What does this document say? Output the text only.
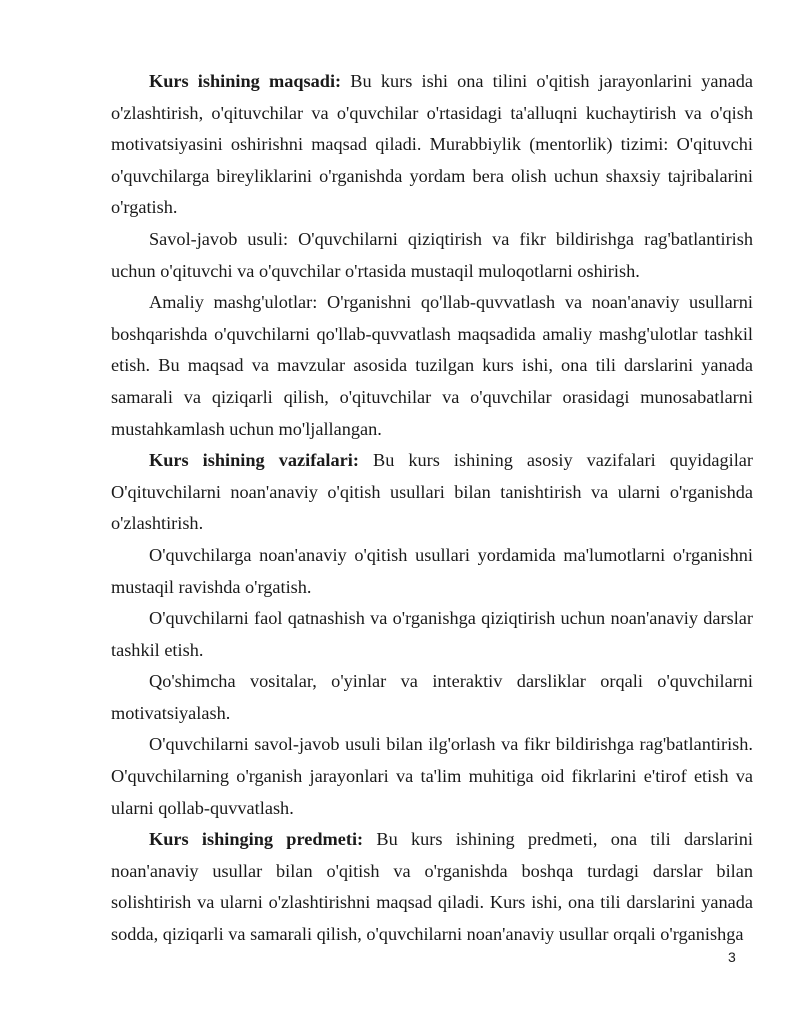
Kurs ishining maqsadi: Bu kurs ishi ona tilini o'qitish jarayonlarini yanada o'zlashtirish, o'qituvchilar va o'quvchilar o'rtasidagi ta'alluqni kuchaytirish va o'qish motivatsiyasini oshirishni maqsad qiladi. Murabbiylik (mentorlik) tizimi: O'qituvchi o'quvchilarga bireyliklarini o'rganishda yordam bera olish uchun shaxsiy tajribalarini o'rgatish.

Savol-javob usuli: O'quvchilarni qiziqtirish va fikr bildirishga rag'batlantirish uchun o'qituvchi va o'quvchilar o'rtasida mustaqil muloqotlarni oshirish.

Amaliy mashg'ulotlar: O'rganishni qo'llab-quvvatlash va noan'anaviy usullarni boshqarishda o'quvchilarni qo'llab-quvvatlash maqsadida amaliy mashg'ulotlar tashkil etish. Bu maqsad va mavzular asosida tuzilgan kurs ishi, ona tili darslarini yanada samarali va qiziqarli qilish, o'qituvchilar va o'quvchilar orasidagi munosabatlarni mustahkamlash uchun mo'ljallangan.

Kurs ishining vazifalari: Bu kurs ishining asosiy vazifalari quyidagilar O'qituvchilarni noan'anaviy o'qitish usullari bilan tanishtirish va ularni o'rganishda o'zlashtirish.

O'quvchilarga noan'anaviy o'qitish usullari yordamida ma'lumotlarni o'rganishni mustaqil ravishda o'rgatish.

O'quvchilarni faol qatnashish va o'rganishga qiziqtirish uchun noan'anaviy darslar tashkil etish.

Qo'shimcha vositalar, o'yinlar va interaktiv darsliklar orqali o'quvchilarni motivatsiyalash.

O'quvchilarni savol-javob usuli bilan ilg'orlash va fikr bildirishga rag'batlantirish. O'quvchilarning o'rganish jarayonlari va ta'lim muhitiga oid fikrlarini e'tirof etish va ularni qollab-quvvatlash.

Kurs ishinging predmeti: Bu kurs ishining predmeti, ona tili darslarini noan'anaviy usullar bilan o'qitish va o'rganishda boshqa turdagi darslar bilan solishtirish va ularni o'zlashtirishni maqsad qiladi. Kurs ishi, ona tili darslarini yanada sodda, qiziqarli va samarali qilish, o'quvchilarni noan'anaviy usullar orqali o'rganishga

3
